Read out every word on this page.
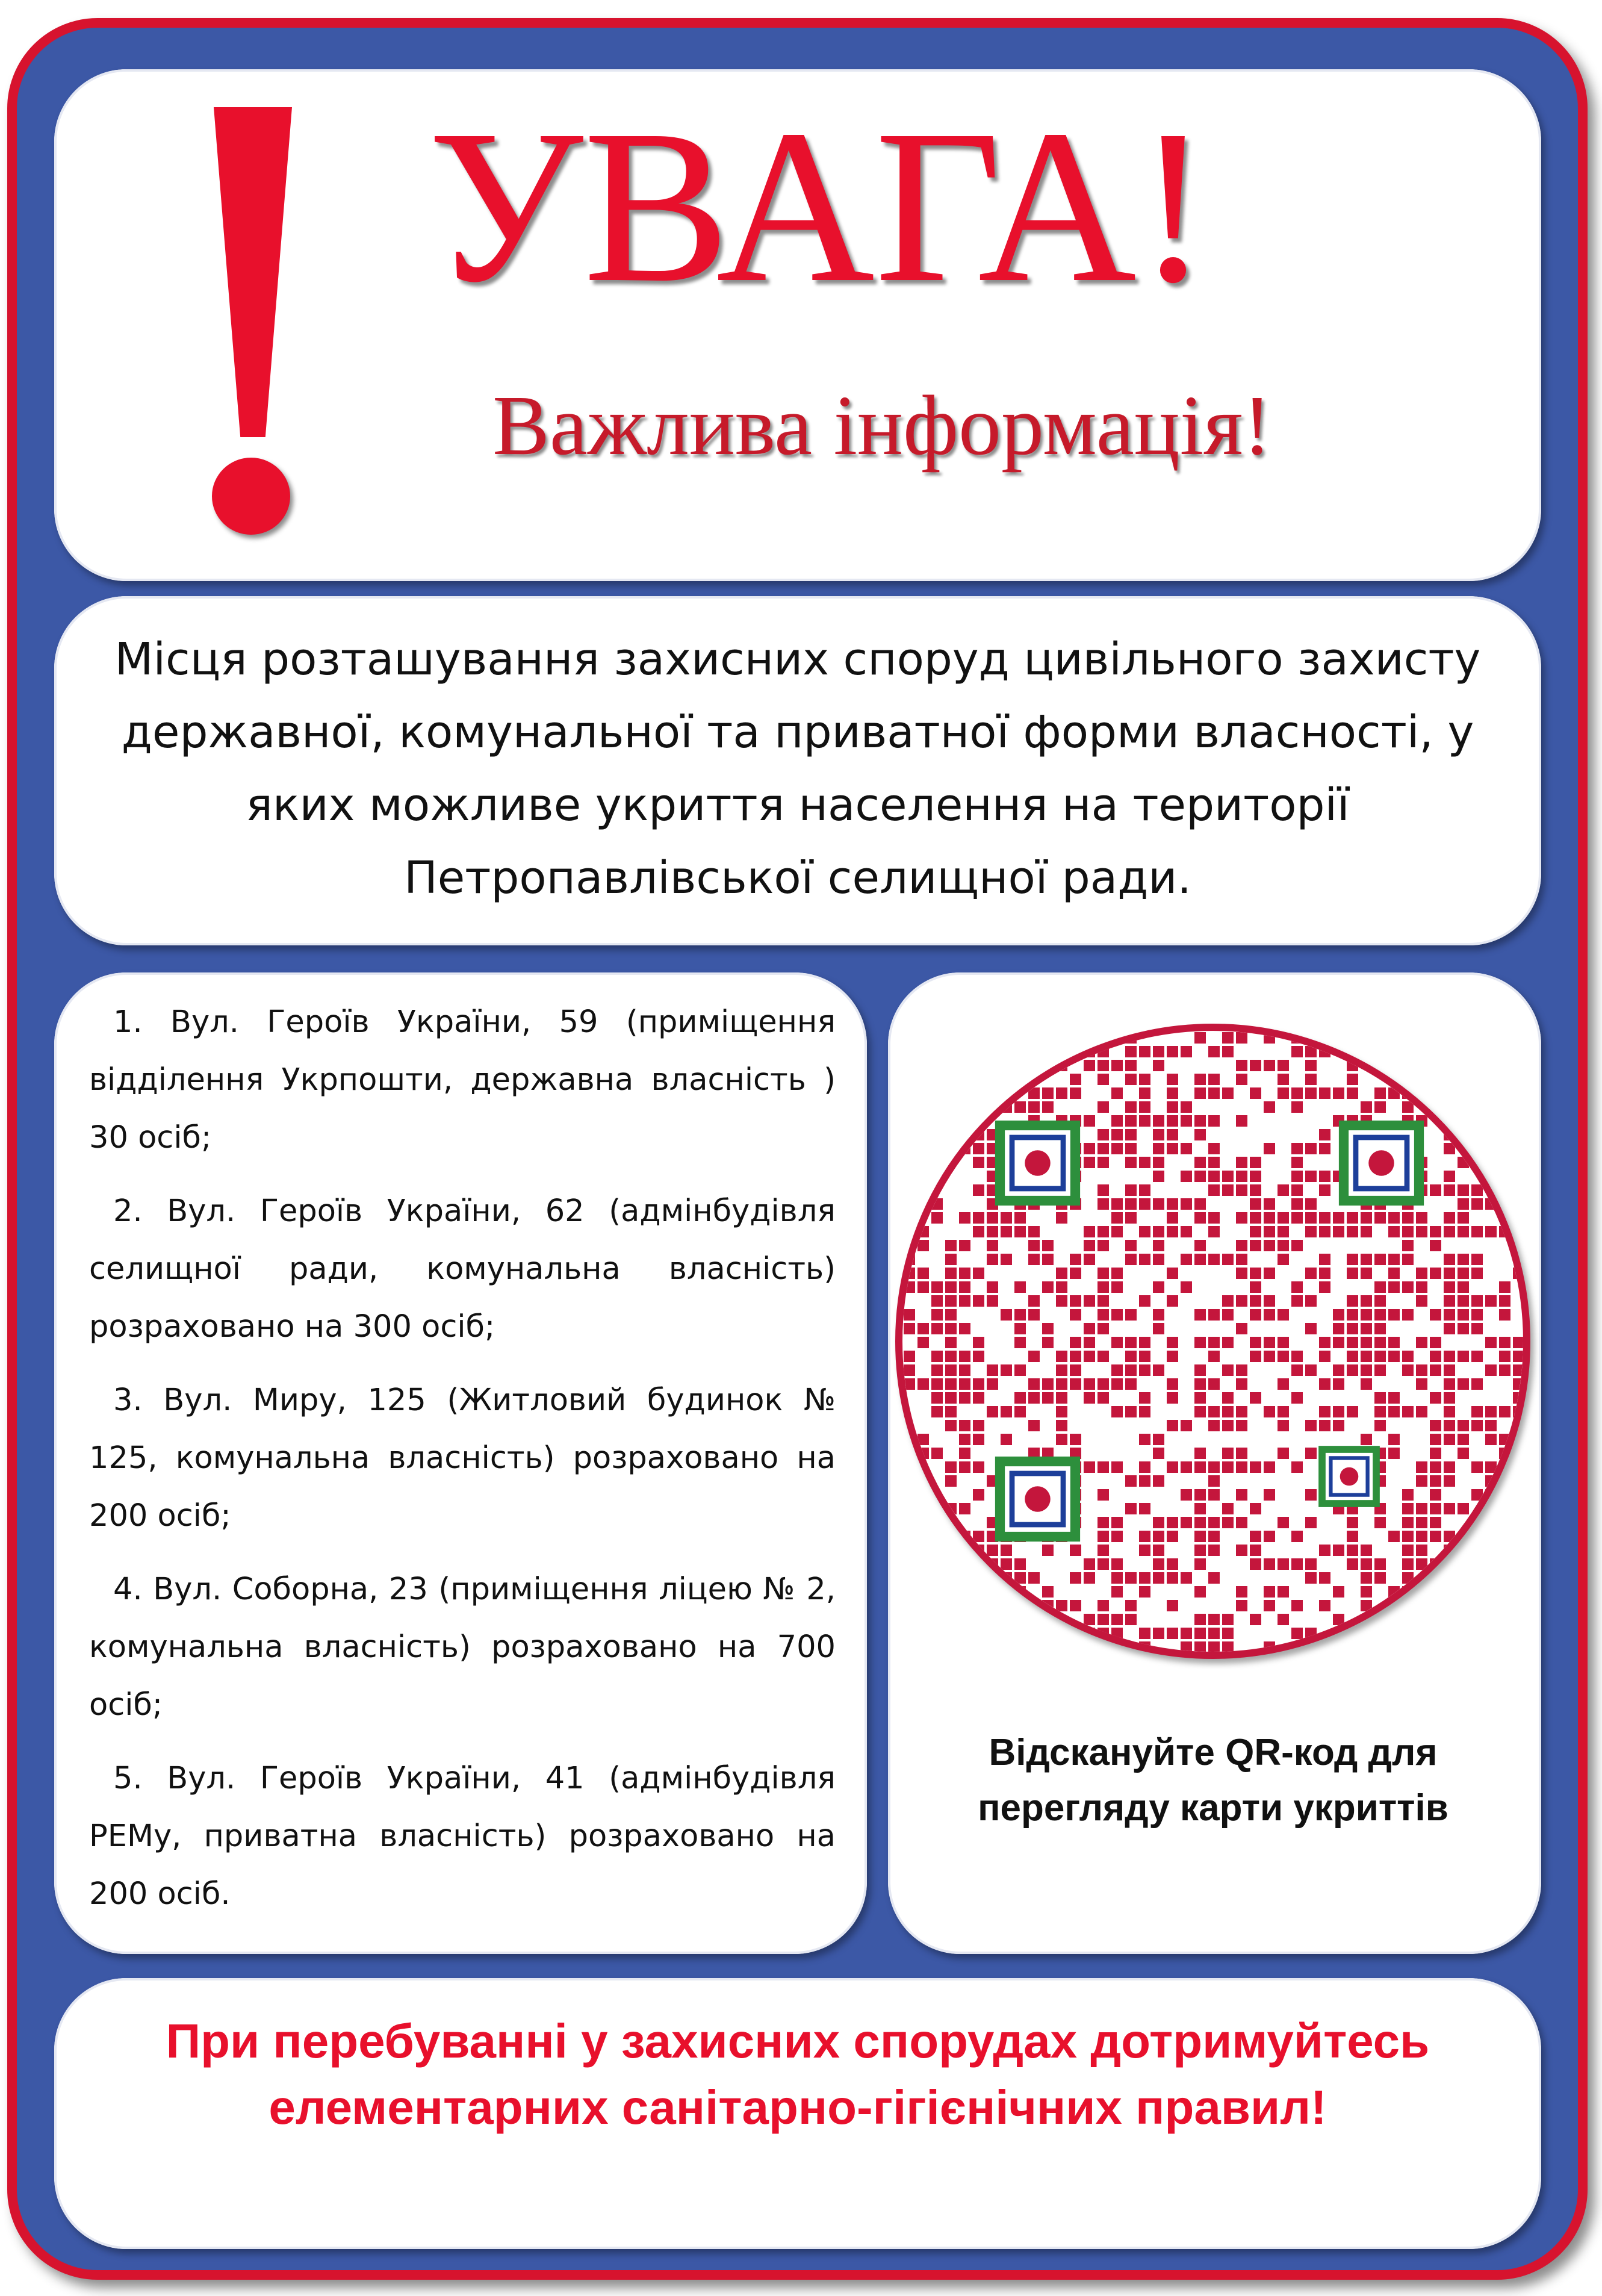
УВАГА!
Важлива інформація!
Місця розташування захисних споруд цивільного захисту державної, комунальної та приватної форми власності, у яких можливе укриття населення на території Петропавлівської селищної ради.

1. Вул. Героїв України, 59 (приміщення відділення Укрпошти, державна власність ) 30 осіб;

2. Вул. Героїв України, 62 (адмінбудівля селищної ради, комунальна власність) розраховано на 300 осіб;

3. Вул. Миру, 125 (Житловий будинок № 125, комунальна власність) розраховано на 200 осіб;

4. Вул. Соборна, 23 (приміщення ліцею № 2, комунальна власність) розраховано на 700 осіб;

5. Вул. Героїв України, 41 (адмінбудівля РЕМу, приватна власність) розраховано на 200 осіб.

Відскануйте QR-код для перегляду карти укриттів
При перебуванні у захисних спорудах дотримуйтесь елементарних санітарно-гігієнічних правил!
